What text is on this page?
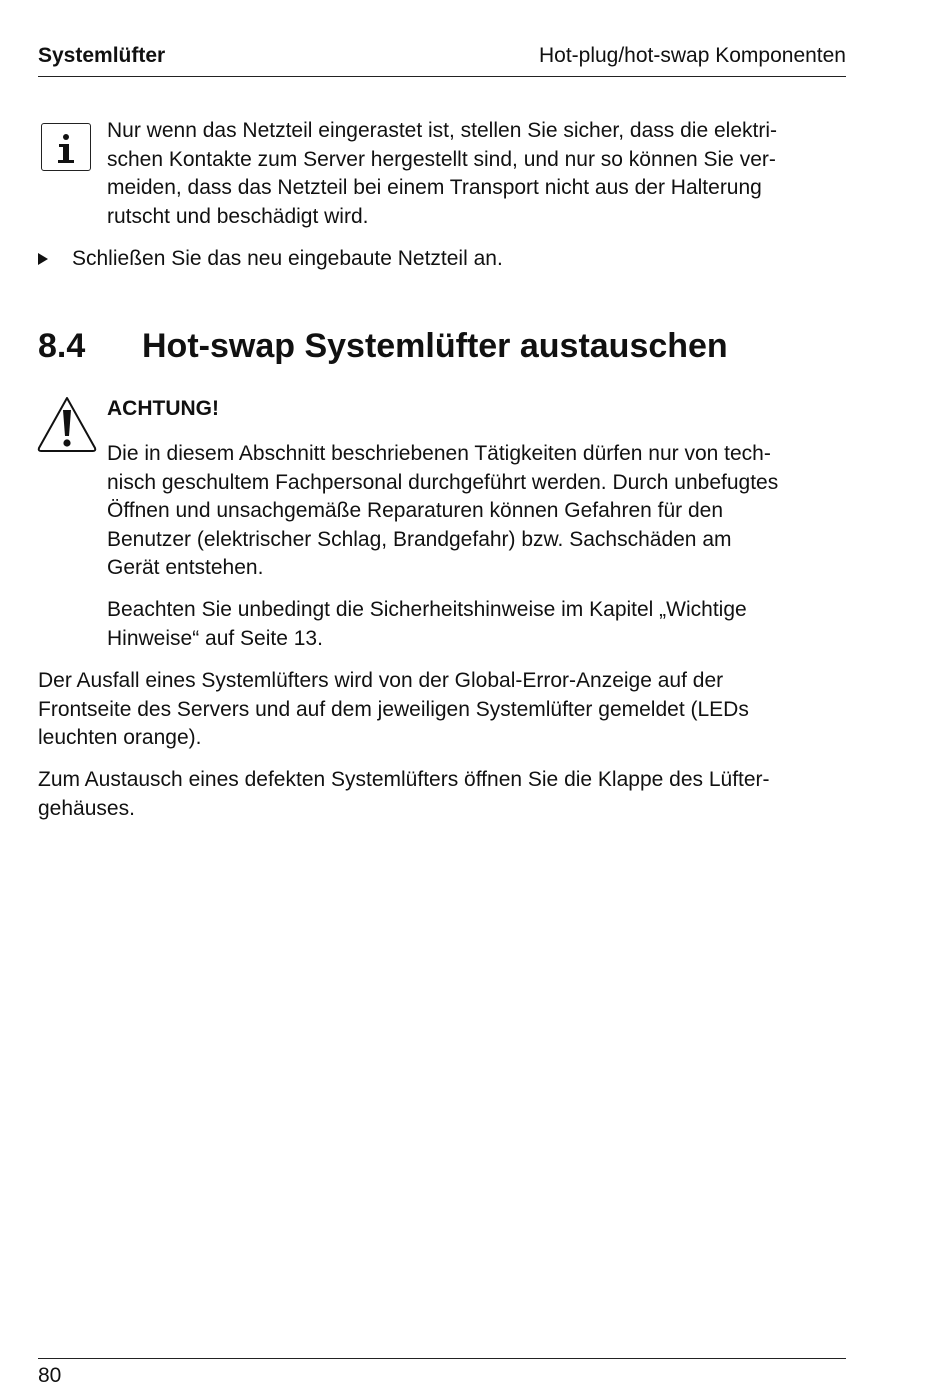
Systemlüfter	Hot-plug/hot-swap Komponenten
Nur wenn das Netzteil eingerastet ist, stellen Sie sicher, dass die elektri-
schen Kontakte zum Server hergestellt sind, und nur so können Sie ver-
meiden, dass das Netzteil bei einem Transport nicht aus der Halterung
rutscht und beschädigt wird.
Schließen Sie das neu eingebaute Netzteil an.
8.4 Hot-swap Systemlüfter austauschen
ACHTUNG!
Die in diesem Abschnitt beschriebenen Tätigkeiten dürfen nur von tech-
nisch geschultem Fachpersonal durchgeführt werden. Durch unbefugtes
Öffnen und unsachgemäße Reparaturen können Gefahren für den
Benutzer (elektrischer Schlag, Brandgefahr) bzw. Sachschäden am
Gerät entstehen.
Beachten Sie unbedingt die Sicherheitshinweise im Kapitel „Wichtige
Hinweise“ auf Seite 13.
Der Ausfall eines Systemlüfters wird von der Global-Error-Anzeige auf der
Frontseite des Servers und auf dem jeweiligen Systemlüfter gemeldet (LEDs
leuchten orange).
Zum Austausch eines defekten Systemlüfters öffnen Sie die Klappe des Lüfter-
gehäuses.
80
